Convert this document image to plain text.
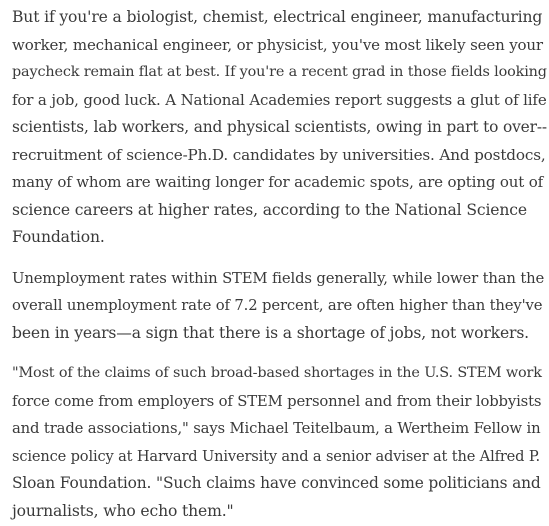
But if you're a biologist, chemist, electrical engineer, manufacturing
worker, mechanical engineer, or physicist, you've most likely seen your
paycheck remain flat at best. If you're a recent grad in those fields looking
for a job, good luck. A National Academies report suggests a glut of life
scientists, lab workers, and physical scientists, owing in part to over--
recruitment of science-Ph.D. candidates by universities. And postdocs,
many of whom are waiting longer for academic spots, are opting out of
science careers at higher rates, according to the National Science
Foundation.

Unemployment rates within STEM fields generally, while lower than the
overall unemployment rate of 7.2 percent, are often higher than they've
been in years—a sign that there is a shortage of jobs, not workers.

"Most of the claims of such broad-based shortages in the U.S. STEM work
force come from employers of STEM personnel and from their lobbyists
and trade associations," says Michael Teitelbaum, a Wertheim Fellow in
science policy at Harvard University and a senior adviser at the Alfred P.
Sloan Foundation. "Such claims have convinced some politicians and
journalists, who echo them."
